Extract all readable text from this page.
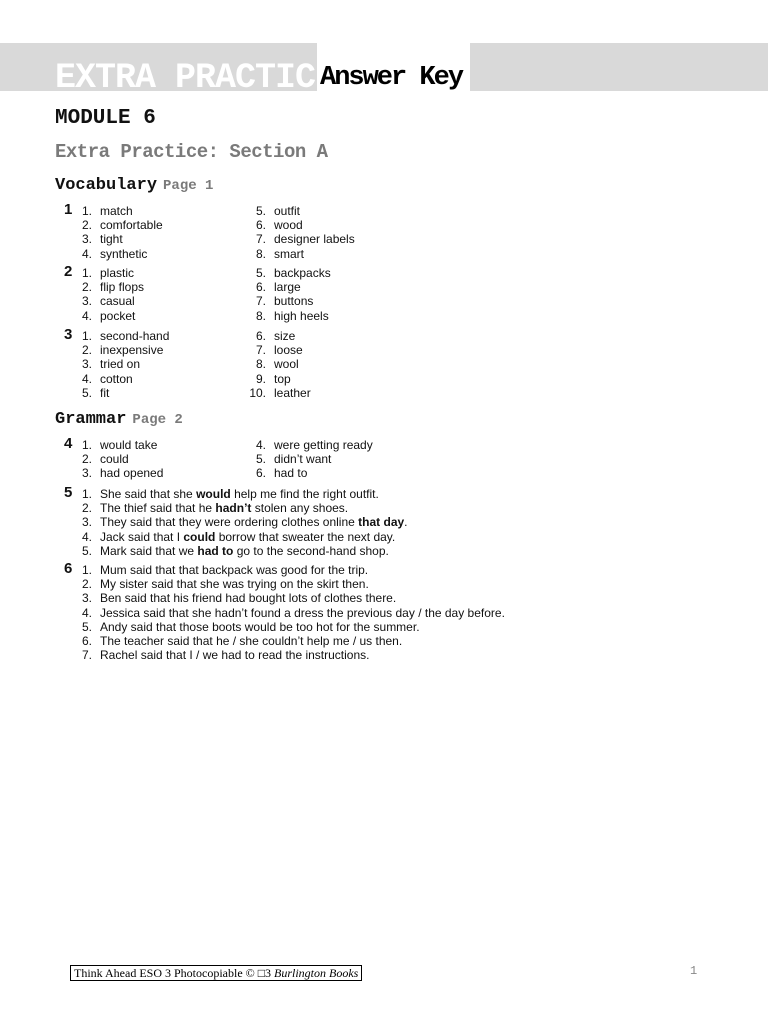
EXTRA PRACTICE
Answer Key
MODULE 6
Extra Practice: Section A
Vocabulary Page 1
1 1. match
2. comfortable
3. tight
4. synthetic
5. outfit
6. wood
7. designer labels
8. smart
2 1. plastic
2. flip flops
3. casual
4. pocket
5. backpacks
6. large
7. buttons
8. high heels
3 1. second-hand
2. inexpensive
3. tried on
4. cotton
5. fit
6. size
7. loose
8. wool
9. top
10. leather
Grammar Page 2
4 1. would take
2. could
3. had opened
4. were getting ready
5. didn’t want
6. had to
5 1. She said that she would help me find the right outfit.
2. The thief said that he hadn’t stolen any shoes.
3. They said that they were ordering clothes online that day.
4. Jack said that I could borrow that sweater the next day.
5. Mark said that we had to go to the second-hand shop.
6 1. Mum said that that backpack was good for the trip.
2. My sister said that she was trying on the skirt then.
3. Ben said that his friend had bought lots of clothes there.
4. Jessica said that she hadn’t found a dress the previous day / the day before.
5. Andy said that those boots would be too hot for the summer.
6. The teacher said that he / she couldn’t help me / us then.
7. Rachel said that I / we had to read the instructions.
Think Ahead ESO 3 Photocopiable © □3 Burlington Books	1
